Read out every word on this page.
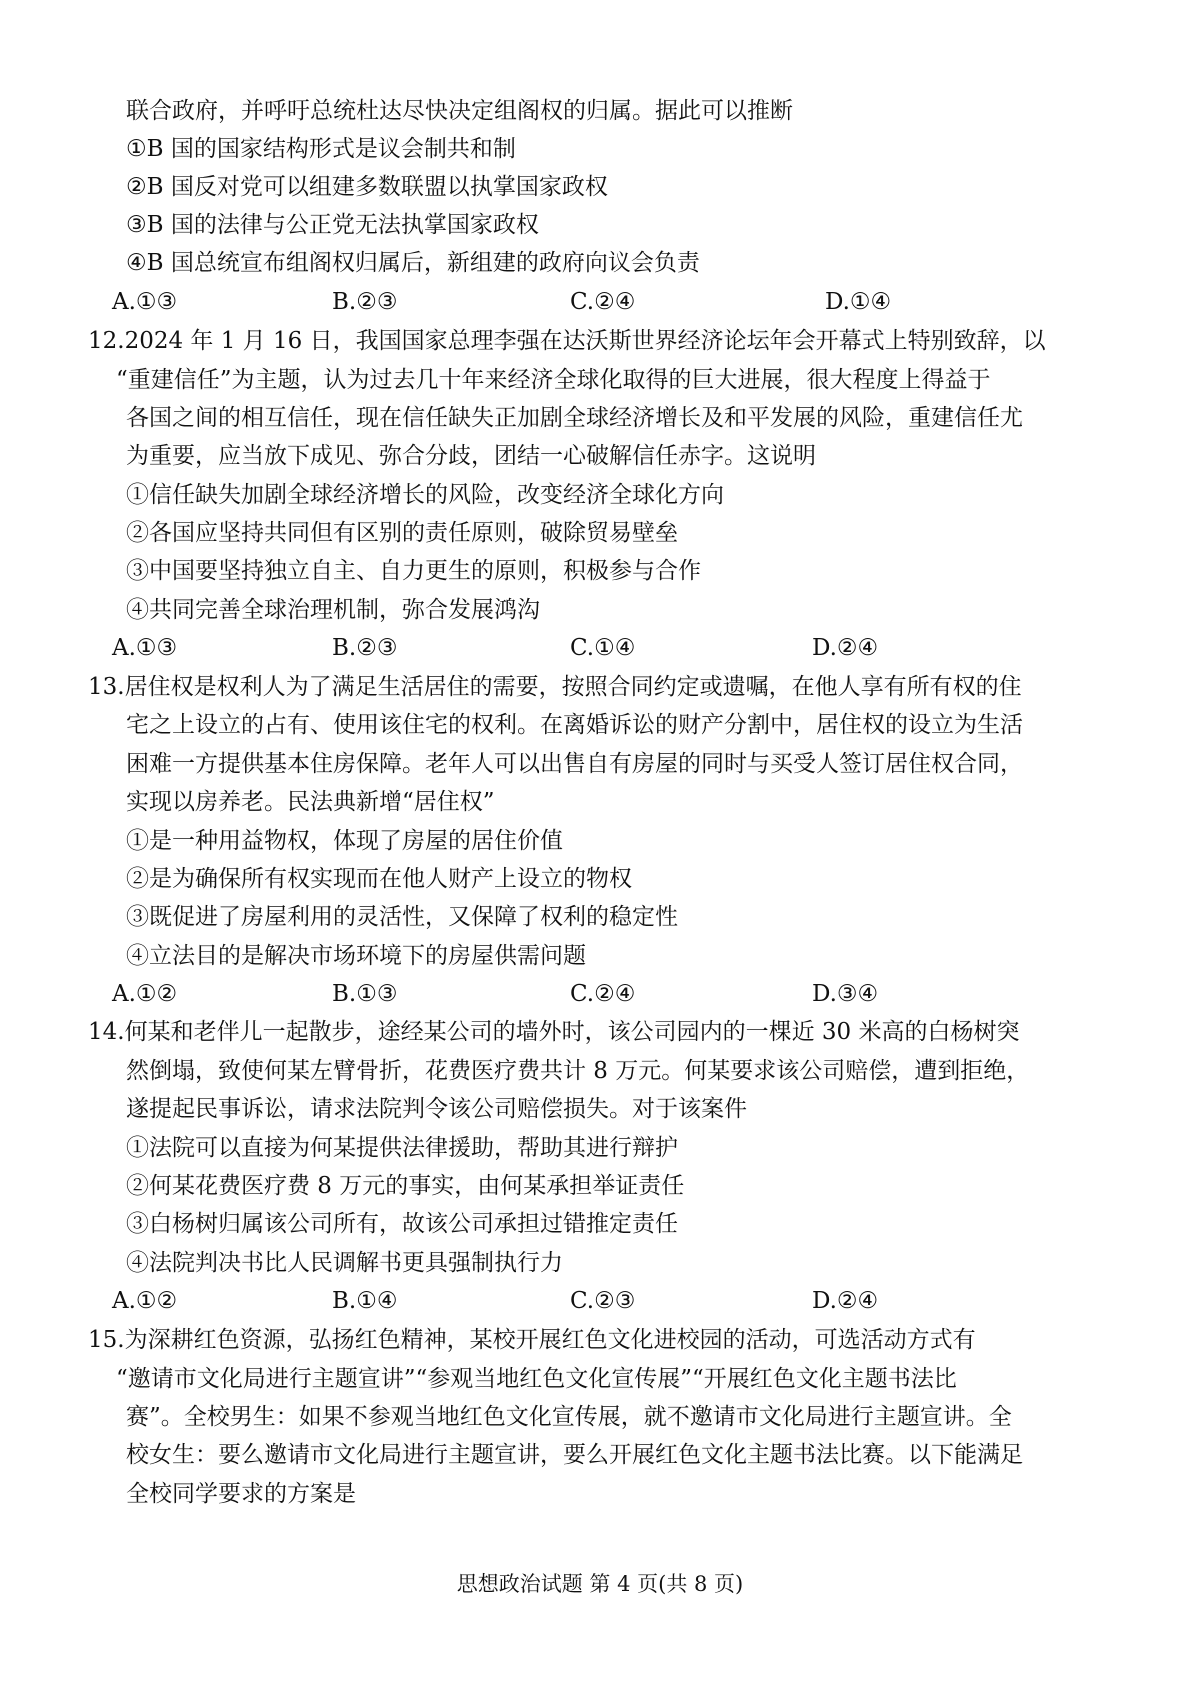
联合政府，并呼吁总统杜达尽快决定组阁权的归属。据此可以推断
①B 国的国家结构形式是议会制共和制
②B 国反对党可以组建多数联盟以执掌国家政权
③B 国的法律与公正党无法执掌国家政权
④B 国总统宣布组阁权归属后，新组建的政府向议会负责
A.①③	B.②③	C.②④	D.①④
12.2024 年 1 月 16 日，我国国家总理李强在达沃斯世界经济论坛年会开幕式上特别致辞，以
“重建信任”为主题，认为过去几十年来经济全球化取得的巨大进展，很大程度上得益于
各国之间的相互信任，现在信任缺失正加剧全球经济增长及和平发展的风险，重建信任尤
为重要，应当放下成见、弥合分歧，团结一心破解信任赤字。这说明
①信任缺失加剧全球经济增长的风险，改变经济全球化方向
②各国应坚持共同但有区别的责任原则，破除贸易壁垒
③中国要坚持独立自主、自力更生的原则，积极参与合作
④共同完善全球治理机制，弥合发展鸿沟
A.①③	B.②③	C.①④	D.②④
13.居住权是权利人为了满足生活居住的需要，按照合同约定或遗嘱，在他人享有所有权的住
宅之上设立的占有、使用该住宅的权利。在离婚诉讼的财产分割中，居住权的设立为生活
困难一方提供基本住房保障。老年人可以出售自有房屋的同时与买受人签订居住权合同，
实现以房养老。民法典新增“居住权”
①是一种用益物权，体现了房屋的居住价值
②是为确保所有权实现而在他人财产上设立的物权
③既促进了房屋利用的灵活性，又保障了权利的稳定性
④立法目的是解决市场环境下的房屋供需问题
A.①②	B.①③	C.②④	D.③④
14.何某和老伴儿一起散步，途经某公司的墙外时，该公司园内的一棵近 30 米高的白杨树突
然倒塌，致使何某左臂骨折，花费医疗费共计 8 万元。何某要求该公司赔偿，遭到拒绝，
遂提起民事诉讼，请求法院判令该公司赔偿损失。对于该案件
①法院可以直接为何某提供法律援助，帮助其进行辩护
②何某花费医疗费 8 万元的事实，由何某承担举证责任
③白杨树归属该公司所有，故该公司承担过错推定责任
④法院判决书比人民调解书更具强制执行力
A.①②	B.①④	C.②③	D.②④
15.为深耕红色资源，弘扬红色精神，某校开展红色文化进校园的活动，可选活动方式有
“邀请市文化局进行主题宣讲”“参观当地红色文化宣传展”“开展红色文化主题书法比
赛”。全校男生：如果不参观当地红色文化宣传展，就不邀请市文化局进行主题宣讲。全
校女生：要么邀请市文化局进行主题宣讲，要么开展红色文化主题书法比赛。以下能满足
全校同学要求的方案是
思想政治试题 第 4 页(共 8 页)
